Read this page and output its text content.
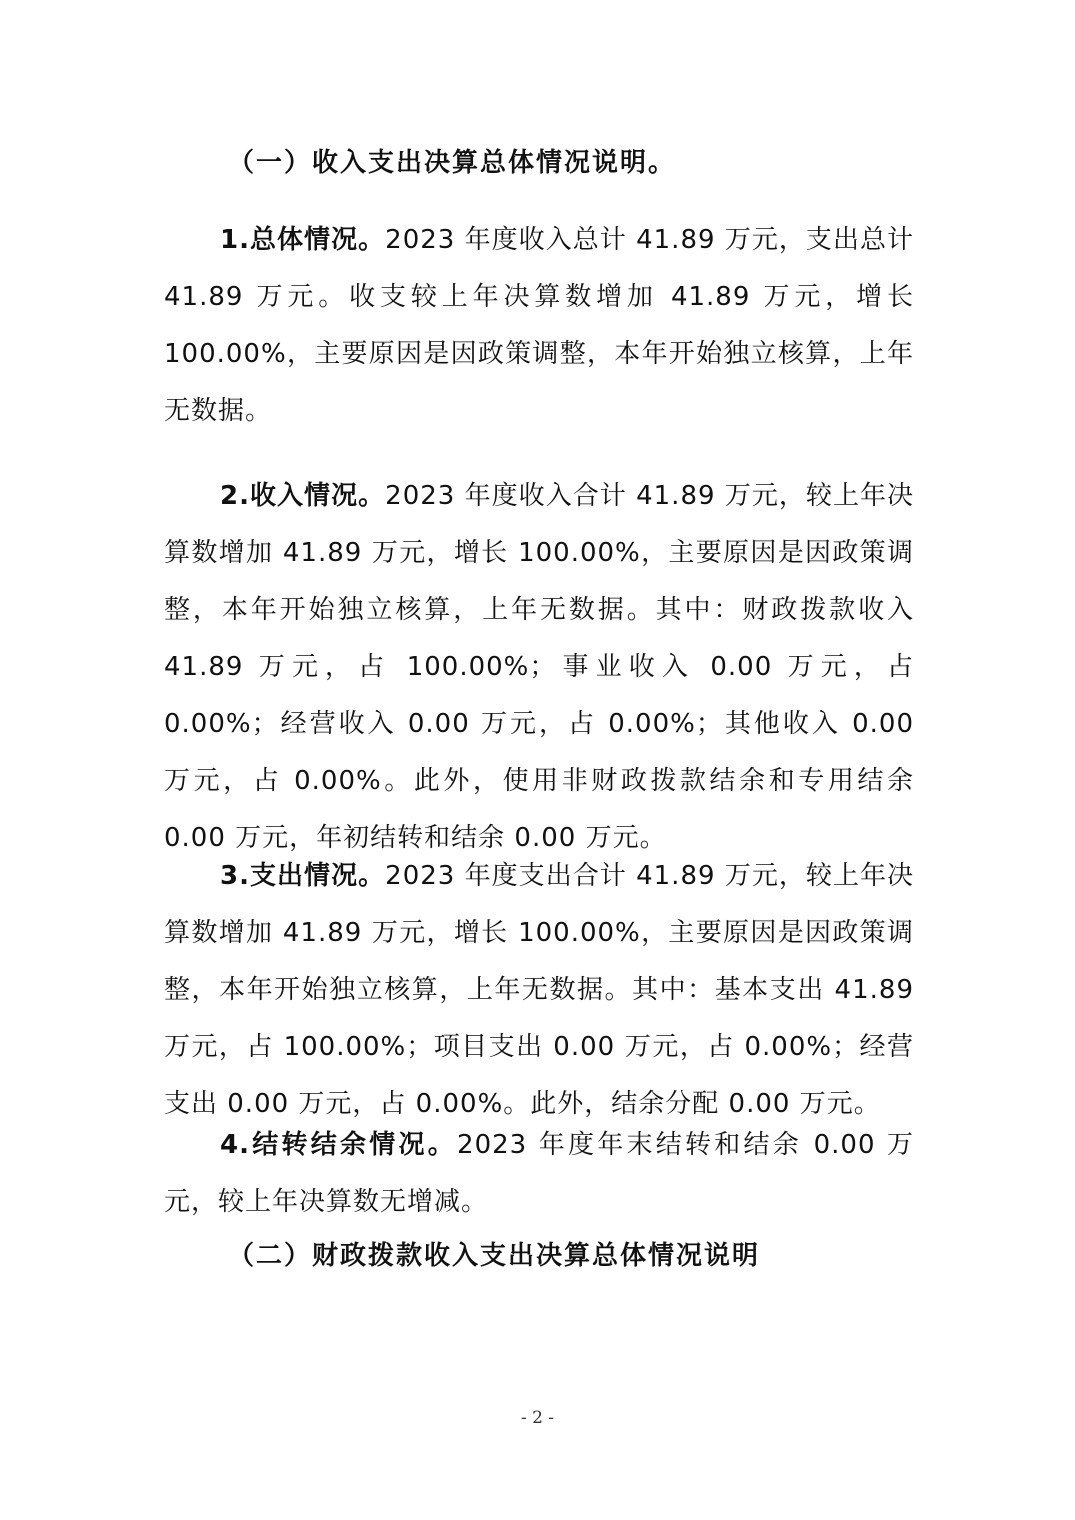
（一）收入支出决算总体情况说明。
1.总体情况。2023 年度收入总计 41.89 万元，支出总计 41.89 万元。收支较上年决算数增加 41.89 万元，增长 100.00%，主要原因是因政策调整，本年开始独立核算，上年无数据。
2.收入情况。2023 年度收入合计 41.89 万元，较上年决算数增加 41.89 万元，增长 100.00%，主要原因是因政策调整，本年开始独立核算，上年无数据。其中：财政拨款收入 41.89 万元，占 100.00%；事业收入 0.00 万元，占 0.00%；经营收入 0.00 万元，占 0.00%；其他收入 0.00 万元，占 0.00%。此外，使用非财政拨款结余和专用结余 0.00 万元，年初结转和结余 0.00 万元。
3.支出情况。2023 年度支出合计 41.89 万元，较上年决算数增加 41.89 万元，增长 100.00%，主要原因是因政策调整，本年开始独立核算，上年无数据。其中：基本支出 41.89 万元，占 100.00%；项目支出 0.00 万元，占 0.00%；经营支出 0.00 万元，占 0.00%。此外，结余分配 0.00 万元。
4.结转结余情况。2023 年度年末结转和结余 0.00 万元，较上年决算数无增减。
（二）财政拨款收入支出决算总体情况说明
- 2 -
